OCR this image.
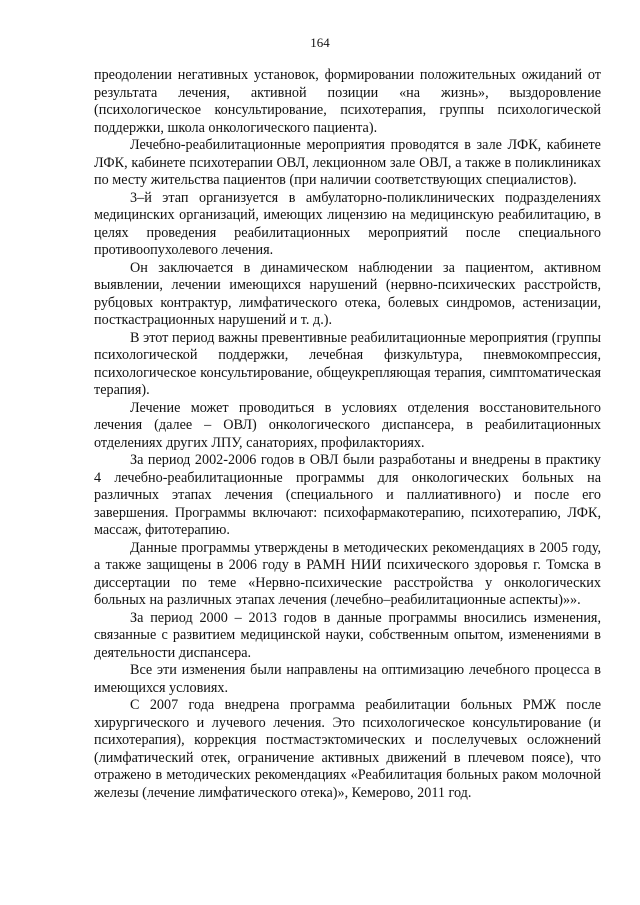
164

преодолении негативных установок, формировании положительных ожиданий от результата лечения, активной позиции «на жизнь», выздоровление (психологическое консультирование, психотерапия, группы психологической поддержки, школа онкологического пациента).

Лечебно-реабилитационные мероприятия проводятся в зале ЛФК, кабинете ЛФК, кабинете психотерапии ОВЛ, лекционном зале ОВЛ, а также в поликлиниках по месту жительства пациентов (при наличии соответствующих специалистов).

3–й этап организуется в амбулаторно-поликлинических подразделениях медицинских организаций, имеющих лицензию на медицинскую реабилитацию, в целях проведения реабилитационных мероприятий после специального противоопухолевого лечения.

Он заключается в динамическом наблюдении за пациентом, активном выявлении, лечении имеющихся нарушений (нервно-психических расстройств, рубцовых контрактур, лимфатического отека, болевых синдромов, астенизации, посткастрационных нарушений и т. д.).

В этот период важны превентивные реабилитационные мероприятия (группы психологической поддержки, лечебная физкультура, пневмокомпрессия, психологическое консультирование, общеукрепляющая терапия, симптоматическая терапия).

Лечение может проводиться в условиях отделения восстановительного лечения (далее – ОВЛ) онкологического диспансера, в реабилитационных отделениях других ЛПУ, санаториях, профилакториях.

За период 2002-2006 годов в ОВЛ были разработаны и внедрены в практику 4 лечебно-реабилитационные программы для онкологических больных на различных этапах лечения (специального и паллиативного) и после его завершения. Программы включают: психофармакотерапию, психотерапию, ЛФК, массаж, фитотерапию.

Данные программы утверждены в методических рекомендациях в 2005 году, а также защищены в 2006 году в РАМН НИИ психического здоровья г. Томска в диссертации по теме «Нервно-психические расстройства у онкологических больных на различных этапах лечения (лечебно–реабилитационные аспекты)»».

За период 2000 – 2013 годов в данные программы вносились изменения, связанные с развитием медицинской науки, собственным опытом, изменениями в деятельности диспансера.

Все эти изменения были направлены на оптимизацию лечебного процесса в имеющихся условиях.

С 2007 года внедрена программа реабилитации больных РМЖ после хирургического и лучевого лечения. Это психологическое консультирование (и психотерапия), коррекция постмастэктомических и послелучевых осложнений (лимфатический отек, ограничение активных движений в плечевом поясе), что отражено в методических рекомендациях «Реабилитация больных раком молочной железы (лечение лимфатического отека)», Кемерово, 2011 год.
